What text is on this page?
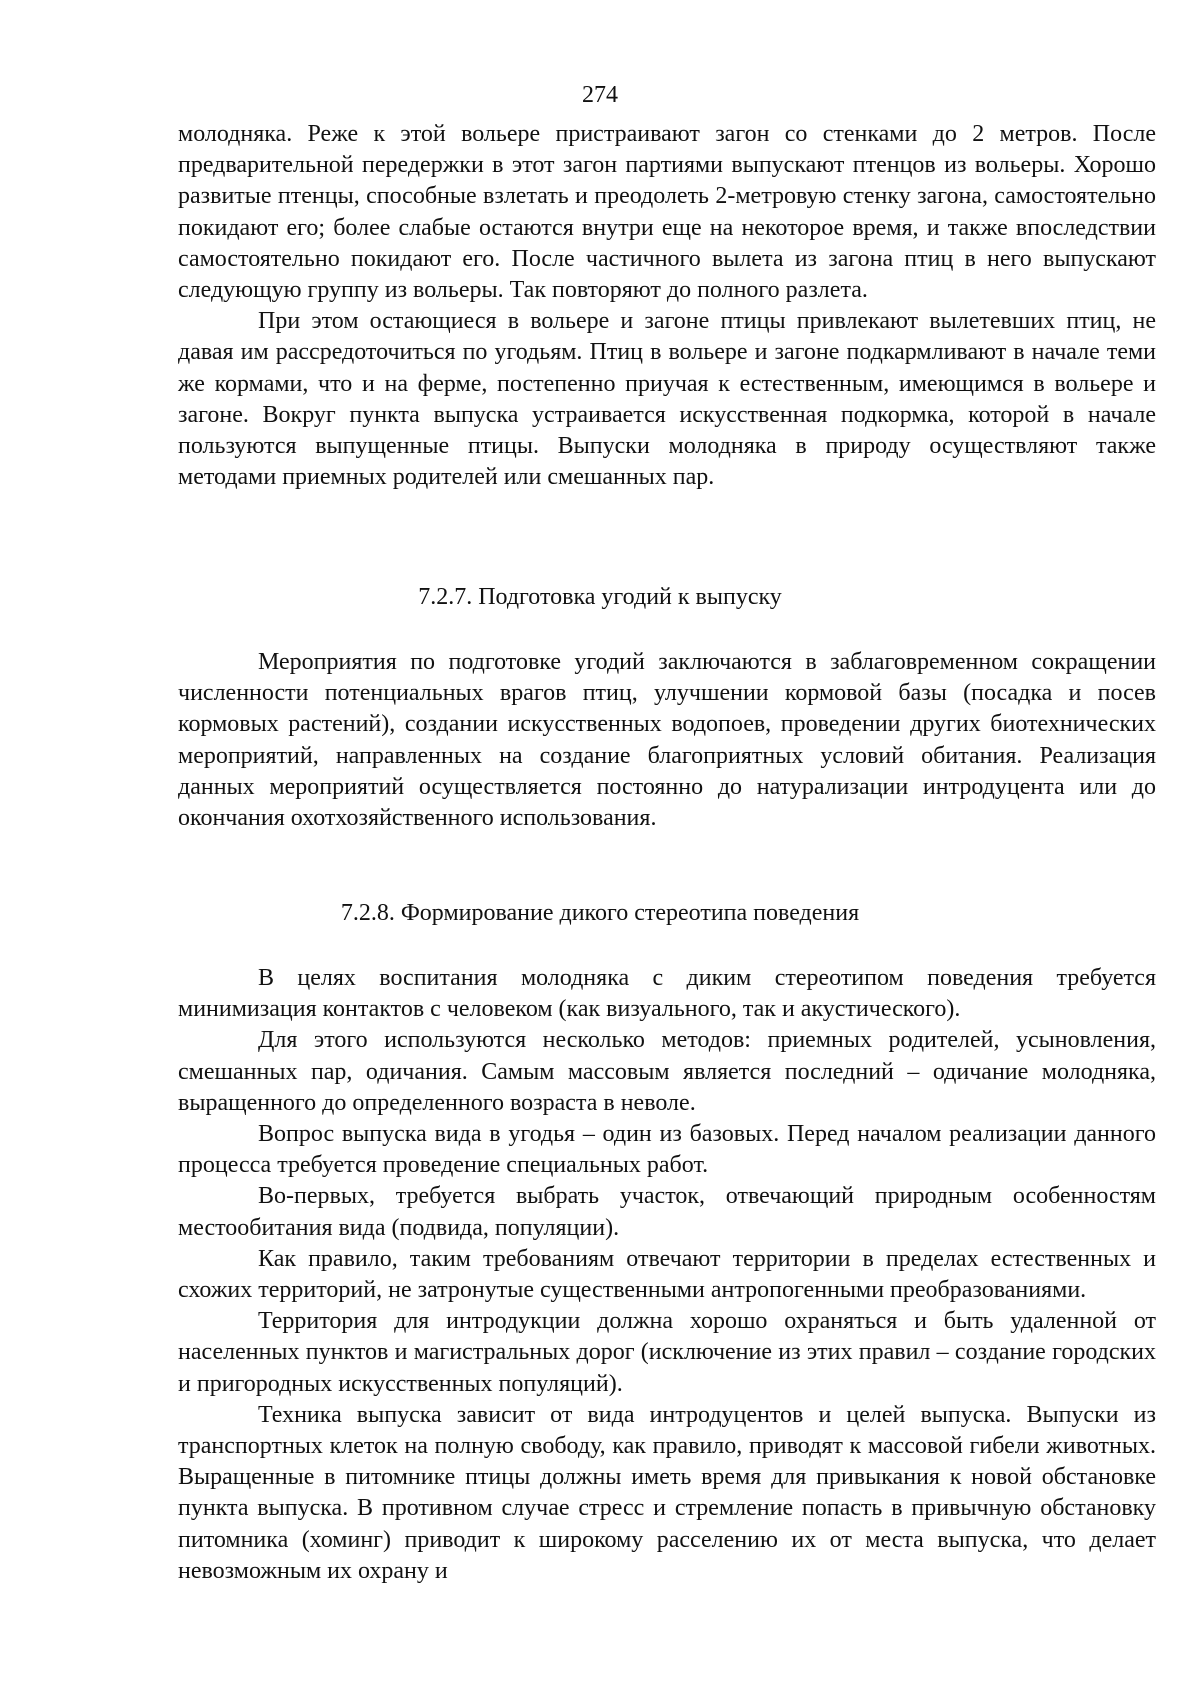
274

молодняка. Реже к этой вольере пристраивают загон со стенками до 2 метров. После предварительной передержки в этот загон партиями выпускают птенцов из вольеры. Хорошо развитые птенцы, способные взлетать и преодолеть 2-метровую стенку загона, самостоятельно покидают его; более слабые остаются внутри еще на некоторое время, и также впоследствии самостоятельно покидают его. После частичного вылета из загона птиц в него выпускают следующую группу из вольеры. Так повторяют до полного разлета.

При этом остающиеся в вольере и загоне птицы привлекают вылетевших птиц, не давая им рассредоточиться по угодьям. Птиц в вольере и загоне подкармливают в начале теми же кормами, что и на ферме, постепенно приучая к естественным, имеющимся в вольере и загоне. Вокруг пункта выпуска устраивается искусственная подкормка, которой в начале пользуются выпущенные птицы. Выпуски молодняка в природу осуществляют также методами приемных родителей или смешанных пар.

7.2.7. Подготовка угодий к выпуску

Мероприятия по подготовке угодий заключаются в заблаговременном сокращении численности потенциальных врагов птиц, улучшении кормовой базы (посадка и посев кормовых растений), создании искусственных водопоев, проведении других биотехнических мероприятий, направленных на создание благоприятных условий обитания. Реализация данных мероприятий осуществляется постоянно до натурализации интродуцента или до окончания охотхозяйственного использования.

7.2.8. Формирование дикого стереотипа поведения

В целях воспитания молодняка с диким стереотипом поведения требуется минимизация контактов с человеком (как визуального, так и акустического).

Для этого используются несколько методов: приемных родителей, усыновления, смешанных пар, одичания. Самым массовым является последний – одичание молодняка, выращенного до определенного возраста в неволе.

Вопрос выпуска вида в угодья – один из базовых. Перед началом реализации данного процесса требуется проведение специальных работ.

Во-первых, требуется выбрать участок, отвечающий природным особенностям местообитания вида (подвида, популяции).

Как правило, таким требованиям отвечают территории в пределах естественных и схожих территорий, не затронутые существенными антропогенными преобразованиями.

Территория для интродукции должна хорошо охраняться и быть удаленной от населенных пунктов и магистральных дорог (исключение из этих правил – создание городских и пригородных искусственных популяций).

Техника выпуска зависит от вида интродуцентов и целей выпуска. Выпуски из транспортных клеток на полную свободу, как правило, приводят к массовой гибели животных. Выращенные в питомнике птицы должны иметь время для привыкания к новой обстановке пункта выпуска. В противном случае стресс и стремление попасть в привычную обстановку питомника (хоминг) приводит к широкому расселению их от места выпуска, что делает невозможным их охрану и
